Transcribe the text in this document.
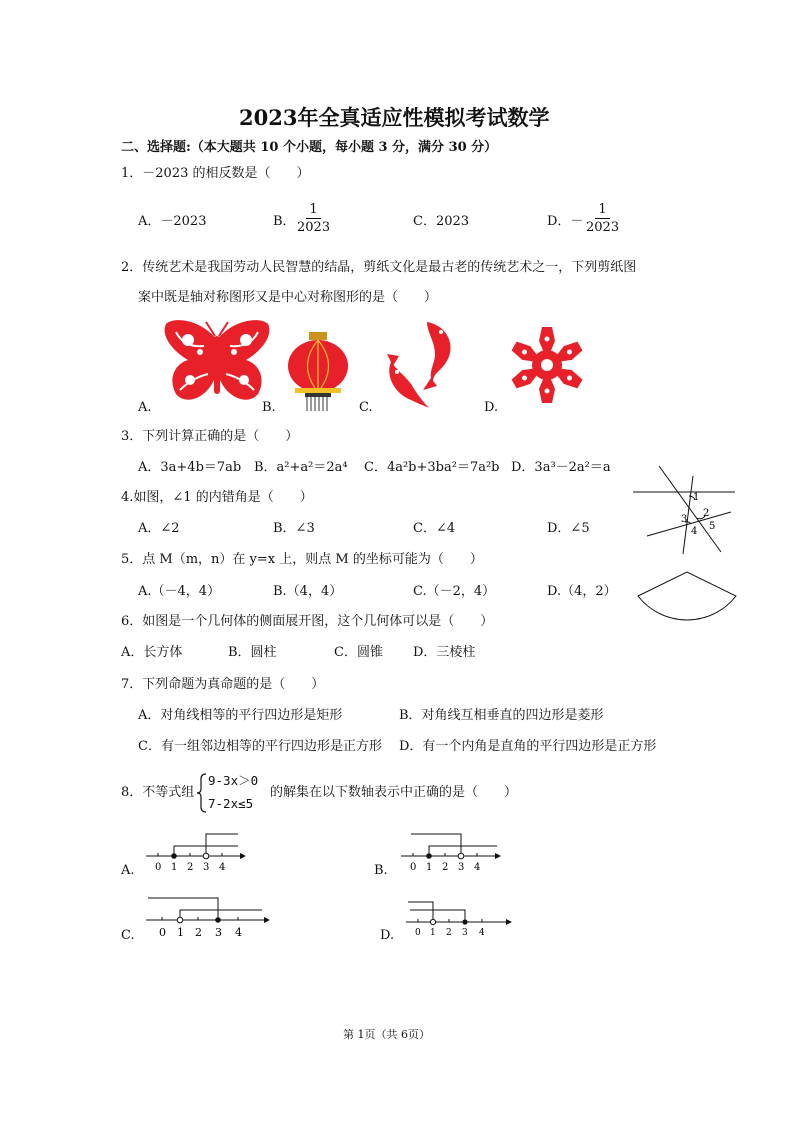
2023年全真适应性模拟考试数学
二、选择题:（本大题共 10 个小题，每小题 3 分，满分 30 分）
1．－2023 的相反数是（　　）
A．－2023	B．
$\frac{1}{2023}$	C．2023	D．－ $\frac{1}{2023}$
2．传统艺术是我国劳动人民智慧的结晶，剪纸文化是最古老的传统艺术之一，下列剪纸图
案中既是轴对称图形又是中心对称图形的是（　　）
A.	B.	C.	D.
3．下列计算正确的是（　　）
A．3a+4b＝7ab B．a²+a²＝2a⁴ C．4a²b+3ba²＝7a²b D．3a³－2a²＝a
1
2
3
4 5
4.如图，∠1 的内错角是（　　）
A．∠2	B．∠3	C．∠4	D．∠5
5．点 M（m，n）在 y=x 上，则点 M 的坐标可能为（　　）
A.（－4，4）	B.（4，4）	C.（－2，4）	D.（4，2）
6．如图是一个几何体的侧面展开图，这个几何体可以是（　　）
A．长方体	B．圆柱	C．圆锥 D．三棱柱
7．下列命题为真命题的是（　　）
A．对角线相等的平行四边形是矩形	B．对角线互相垂直的四边形是菱形
C．有一组邻边相等的平行四边形是正方形 D．有一个内角是直角的平行四边形是正方形
8．不等式组
9-3x＞0
7-2x≤5
的解集在以下数轴表示中正确的是（　　）
0 1 2 3 4
A.	0 1 2 3 4
B.
0 1 2 3 4
C.	0 1 2 3 4
D.
第 1页（共 6页）
